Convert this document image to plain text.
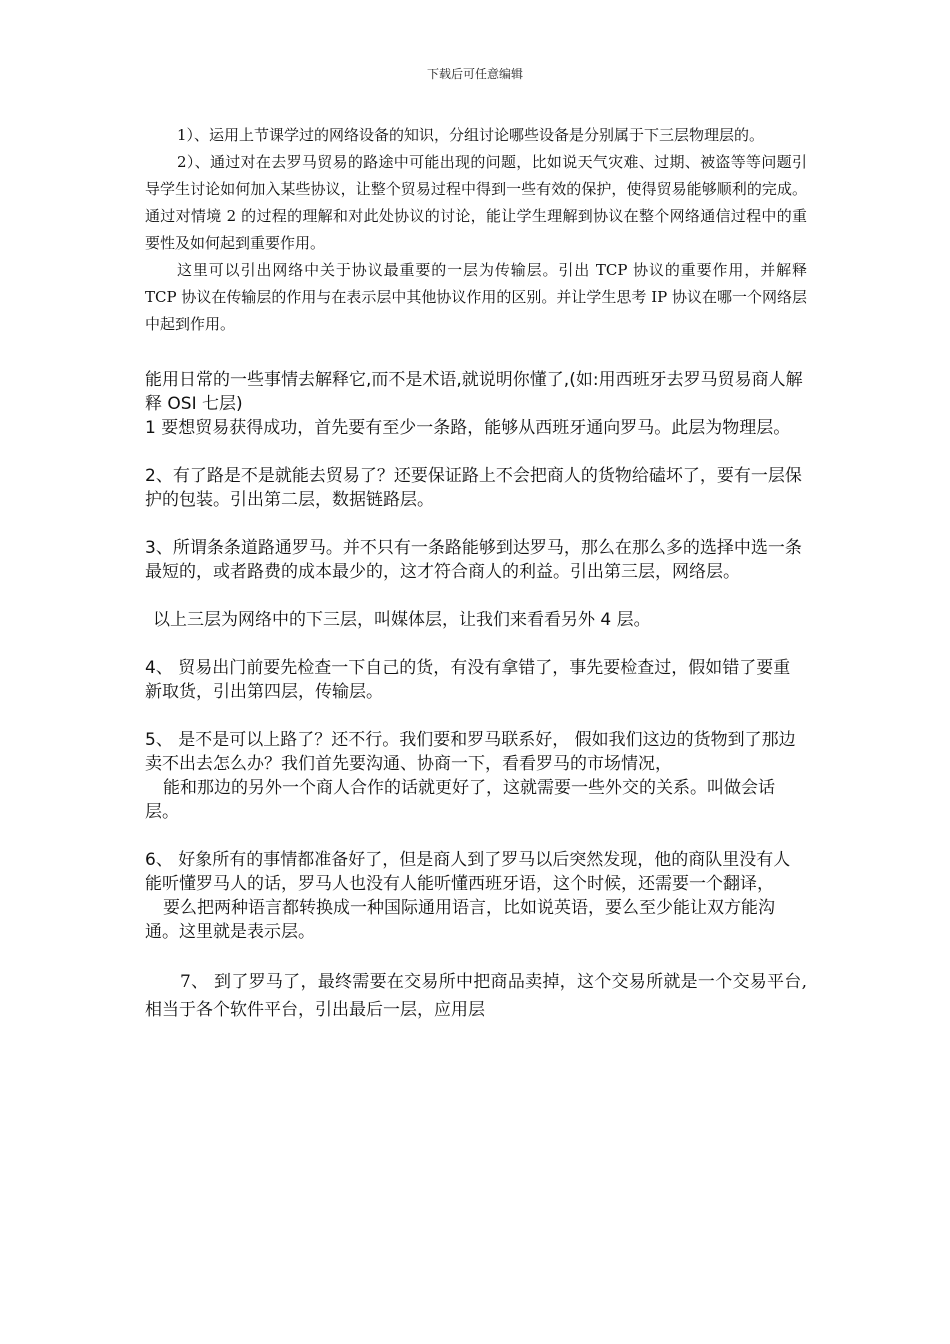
下载后可任意编辑

1）、运用上节课学过的网络设备的知识，分组讨论哪些设备是分别属于下三层物理层的。

2）、通过对在去罗马贸易的路途中可能出现的问题，比如说天气灾难、过期、被盗等等问题引导学生讨论如何加入某些协议，让整个贸易过程中得到一些有效的保护，使得贸易能够顺利的完成。通过对情境 2 的过程的理解和对此处协议的讨论，能让学生理解到协议在整个网络通信过程中的重要性及如何起到重要作用。

这里可以引出网络中关于协议最重要的一层为传输层。引出 TCP 协议的重要作用，并解释 TCP 协议在传输层的作用与在表示层中其他协议作用的区别。并让学生思考 IP 协议在哪一个网络层中起到作用。

能用日常的一些事情去解释它,而不是术语,就说明你懂了,(如:用西班牙去罗马贸易商人解释 OSI 七层)

1 要想贸易获得成功，首先要有至少一条路，能够从西班牙通向罗马。此层为物理层。

2、有了路是不是就能去贸易了？还要保证路上不会把商人的货物给磕坏了，要有一层保护的包装。引出第二层，数据链路层。

3、所谓条条道路通罗马。并不只有一条路能够到达罗马，那么在那么多的选择中选一条最短的，或者路费的成本最少的，这才符合商人的利益。引出第三层，网络层。

以上三层为网络中的下三层，叫媒体层，让我们来看看另外 4 层。

4、 贸易出门前要先检查一下自己的货，有没有拿错了，事先要检查过，假如错了要重新取货，引出第四层，传输层。

5、 是不是可以上路了？还不行。我们要和罗马联系好， 假如我们这边的货物到了那边卖不出去怎么办？我们首先要沟通、协商一下，看看罗马的市场情况，

能和那边的另外一个商人合作的话就更好了，这就需要一些外交的关系。叫做会话层。

6、 好象所有的事情都准备好了，但是商人到了罗马以后突然发现，他的商队里没有人能听懂罗马人的话，罗马人也没有人能听懂西班牙语，这个时候，还需要一个翻译，

要么把两种语言都转换成一种国际通用语言，比如说英语，要么至少能让双方能沟通。这里就是表示层。

7、 到了罗马了，最终需要在交易所中把商品卖掉，这个交易所就是一个交易平台, 相当于各个软件平台，引出最后一层，应用层
